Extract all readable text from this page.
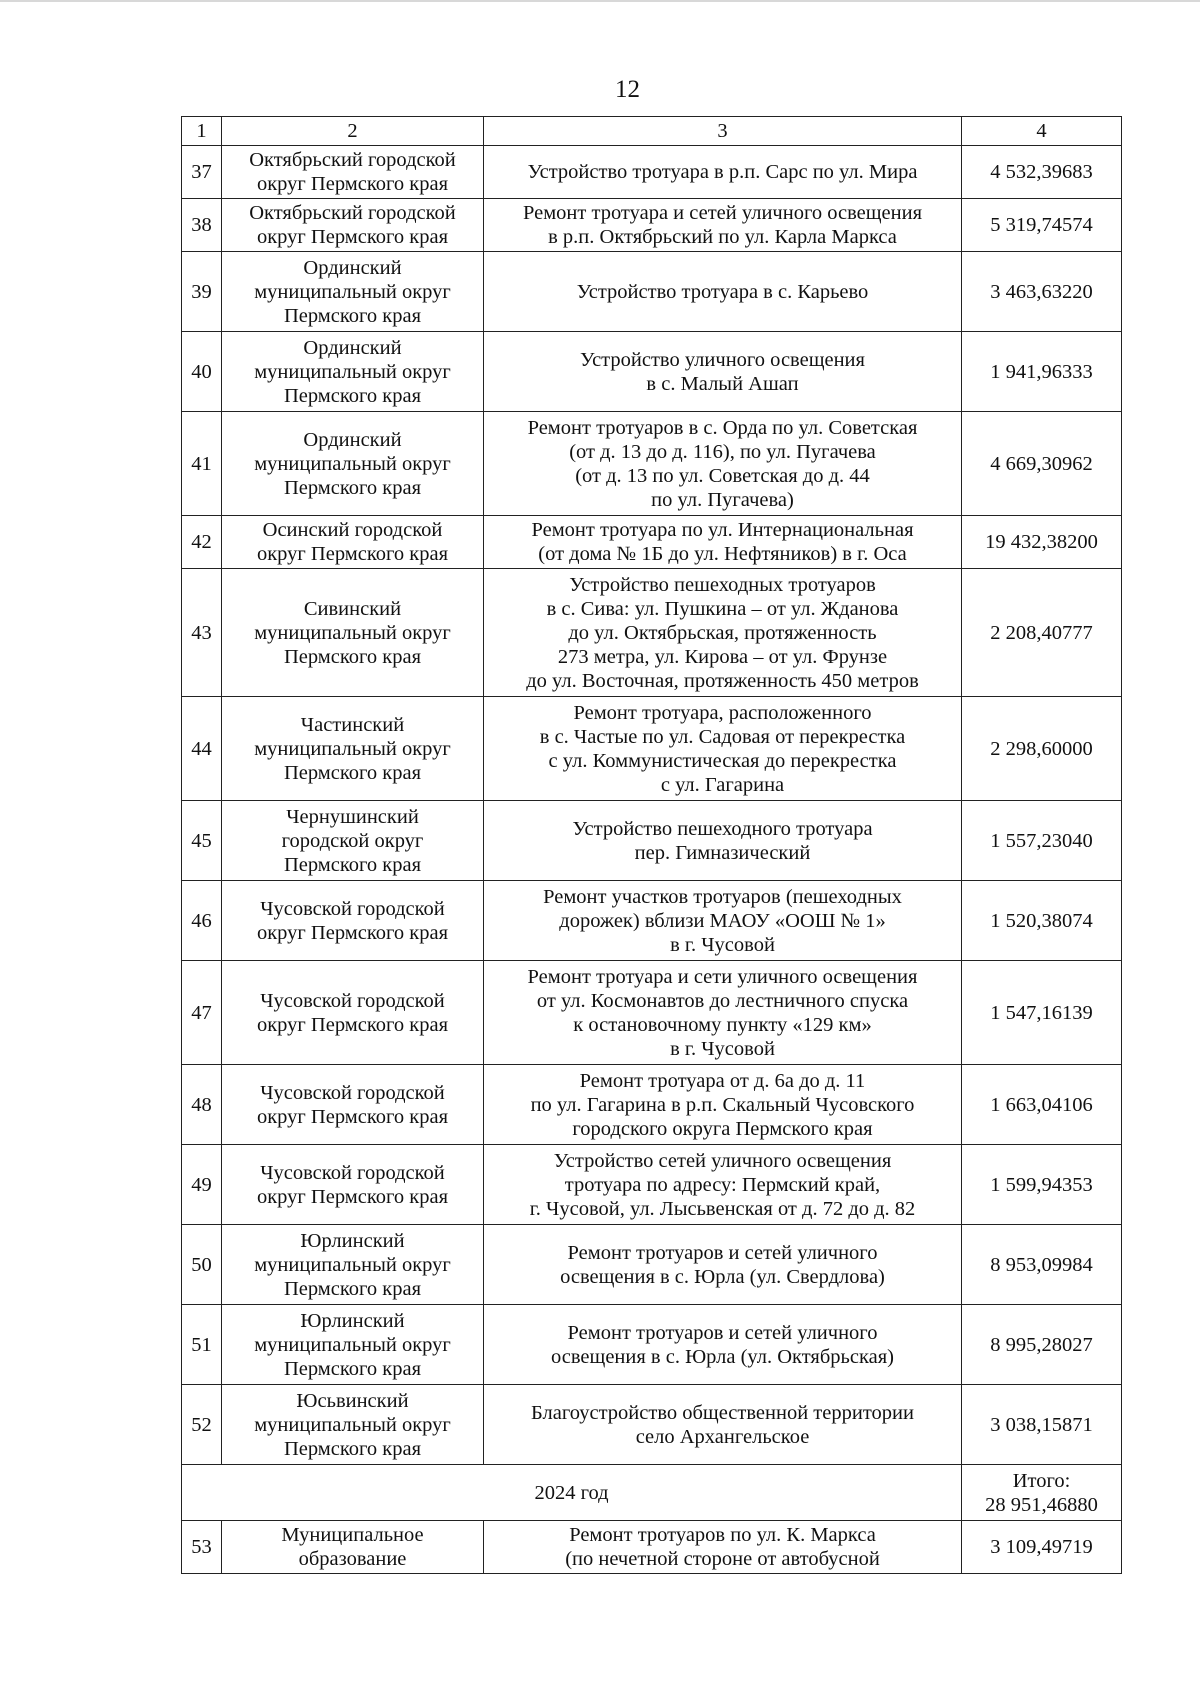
12
1	2	3	4
37	Октябрьский городской
округ Пермского края	Устройство тротуара в р.п. Сарс по ул. Мира	4 532,39683
38	Октябрьский городской
округ Пермского края	Ремонт тротуара и сетей уличного освещения
в р.п. Октябрьский по ул. Карла Маркса	5 319,74574
39	Ординский
муниципальный округ
Пермского края	Устройство тротуара в с. Карьево	3 463,63220
40	Ординский
муниципальный округ
Пермского края	Устройство уличного освещения
в с. Малый Ашап	1 941,96333
41	Ординский
муниципальный округ
Пермского края	Ремонт тротуаров в с. Орда по ул. Советская
(от д. 13 до д. 116), по ул. Пугачева
(от д. 13 по ул. Советская до д. 44
по ул. Пугачева)	4 669,30962
42	Осинский городской
округ Пермского края	Ремонт тротуара по ул. Интернациональная
(от дома № 1Б до ул. Нефтяников) в г. Оса	19 432,38200
43	Сивинский
муниципальный округ
Пермского края	Устройство пешеходных тротуаров
в с. Сива: ул. Пушкина – от ул. Жданова
до ул. Октябрьская, протяженность
273 метра, ул. Кирова – от ул. Фрунзе
до ул. Восточная, протяженность 450 метров	2 208,40777
44	Частинский
муниципальный округ
Пермского края	Ремонт тротуара, расположенного
в с. Частые по ул. Садовая от перекрестка
с ул. Коммунистическая до перекрестка
с ул. Гагарина	2 298,60000
45	Чернушинский
городской округ
Пермского края	Устройство пешеходного тротуара
пер. Гимназический	1 557,23040
46	Чусовской городской
округ Пермского края	Ремонт участков тротуаров (пешеходных
дорожек) вблизи МАОУ «ООШ № 1»
в г. Чусовой	1 520,38074
47	Чусовской городской
округ Пермского края	Ремонт тротуара и сети уличного освещения
от ул. Космонавтов до лестничного спуска
к остановочному пункту «129 км»
в г. Чусовой	1 547,16139
48	Чусовской городской
округ Пермского края	Ремонт тротуара от д. 6а до д. 11
по ул. Гагарина в р.п. Скальный Чусовского
городского округа Пермского края	1 663,04106
49	Чусовской городской
округ Пермского края	Устройство сетей уличного освещения
тротуара по адресу: Пермский край,
г. Чусовой, ул. Лысьвенская от д. 72 до д. 82	1 599,94353
50	Юрлинский
муниципальный округ
Пермского края	Ремонт тротуаров и сетей уличного
освещения в с. Юрла (ул. Свердлова)	8 953,09984
51	Юрлинский
муниципальный округ
Пермского края	Ремонт тротуаров и сетей уличного
освещения в с. Юрла (ул. Октябрьская)	8 995,28027
52	Юсьвинский
муниципальный округ
Пермского края	Благоустройство общественной территории
село Архангельское	3 038,15871
2024 год			Итого:
28 951,46880
53	Муниципальное
образование	Ремонт тротуаров по ул. К. Маркса
(по нечетной стороне от автобусной	3 109,49719
